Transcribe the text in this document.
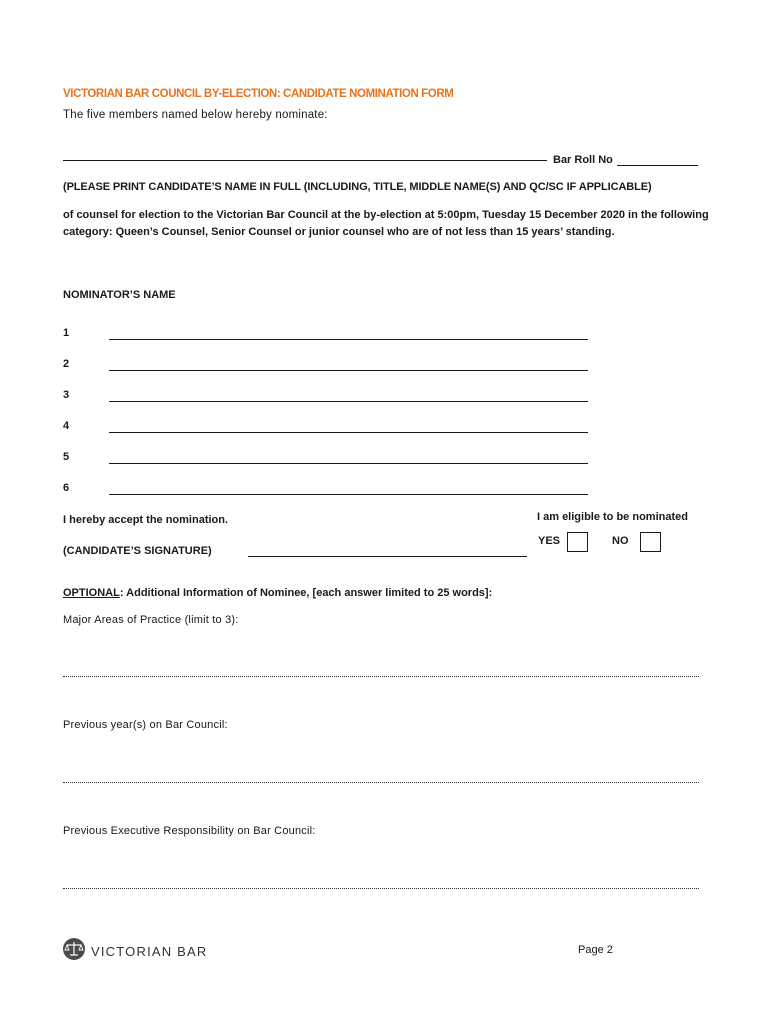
VICTORIAN BAR COUNCIL BY-ELECTION: CANDIDATE NOMINATION FORM
The five members named below hereby nominate:
Bar Roll No
(PLEASE PRINT CANDIDATE’S NAME IN FULL (INCLUDING, TITLE, MIDDLE NAME(S) AND QC/SC IF APPLICABLE)
of counsel for election to the Victorian Bar Council at the by-election at 5:00pm, Tuesday 15 December 2020 in the following category: Queen’s Counsel, Senior Counsel or junior counsel who are of not less than 15 years’ standing.
NOMINATOR’S NAME
1
2
3
4
5
6
I hereby accept the nomination.	I am eligible to be nominated
YES	NO
(CANDIDATE’S SIGNATURE)
OPTIONAL: Additional Information of Nominee, [each answer limited to 25 words]:
Major Areas of Practice (limit to 3):
Previous year(s) on Bar Council:
Previous Executive Responsibility on Bar Council:
VICTORIAN BAR	Page 2
